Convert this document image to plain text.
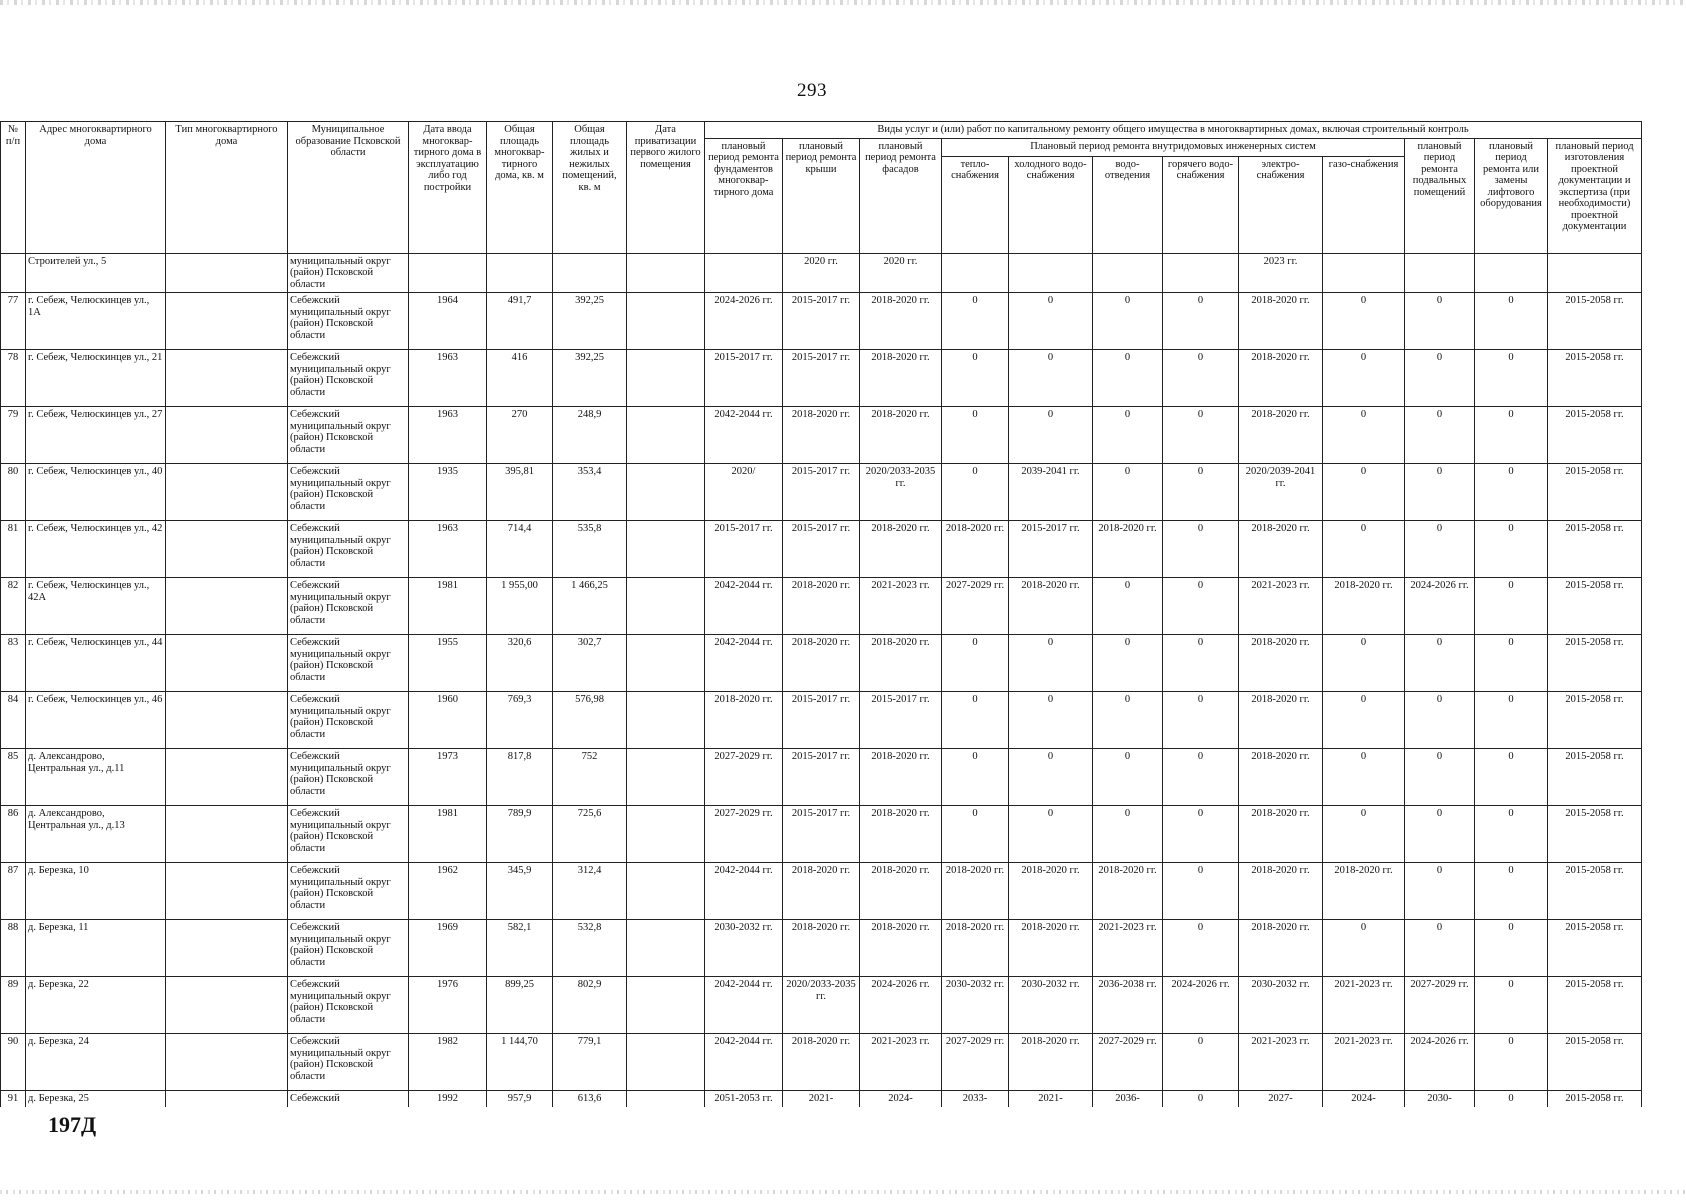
293
№ п/п	Адрес многоквартирного дома	Тип многоквартирного дома	Муниципальное образование Псковской области	Дата ввода многоквар-тирного дома в эксплуатацию либо год постройки	Общая площадь многоквар-тирного дома, кв. м	Общая площадь жилых и нежилых помещений, кв. м	Дата приватизации первого жилого помещения	Виды услуг и (или) работ по капитальному ремонту общего имущества в многоквартирных домах, включая строительный контроль											
								плановый период ремонта фундаментов многоквар-тирного дома	плановый период ремонта крыши	плановый период ремонта фасадов	Плановый период ремонта внутридомовых инженерных систем						плановый период ремонта подвальных помещений	плановый период ремонта или замены лифтового оборудования	плановый период изготовления проектной документации и экспертиза (при необходимости) проектной документации
											тепло-снабжения	холодного водо-снабжения	водо-отведения	горячего водо-снабжения	электро-снабжения	газо-снабжения			
	Строителей ул., 5		муниципальный округ (район) Псковской области						2020 гг.	2020 гг.					2023 гг.				
77	г. Себеж, Челюскинцев ул., 1А		Себежский муниципальный округ (район) Псковской области	1964	491,7	392,25		2024-2026 гг.	2015-2017 гг.	2018-2020 гг.	0	0	0	0	2018-2020 гг.	0	0	0	2015-2058 гг.
78	г. Себеж, Челюскинцев ул., 21		Себежский муниципальный округ (район) Псковской области	1963	416	392,25		2015-2017 гг.	2015-2017 гг.	2018-2020 гг.	0	0	0	0	2018-2020 гг.	0	0	0	2015-2058 гг.
79	г. Себеж, Челюскинцев ул., 27		Себежский муниципальный округ (район) Псковской области	1963	270	248,9		2042-2044 гг.	2018-2020 гг.	2018-2020 гг.	0	0	0	0	2018-2020 гг.	0	0	0	2015-2058 гг.
80	г. Себеж, Челюскинцев ул., 40		Себежский муниципальный округ (район) Псковской области	1935	395,81	353,4		2020/	2015-2017 гг.	2020/2033-2035 гг.	0	2039-2041 гг.	0	0	2020/2039-2041 гг.	0	0	0	2015-2058 гг.
81	г. Себеж, Челюскинцев ул., 42		Себежский муниципальный округ (район) Псковской области	1963	714,4	535,8		2015-2017 гг.	2015-2017 гг.	2018-2020 гг.	2018-2020 гг.	2015-2017 гг.	2018-2020 гг.	0	2018-2020 гг.	0	0	0	2015-2058 гг.
82	г. Себеж, Челюскинцев ул., 42А		Себежский муниципальный округ (район) Псковской области	1981	1 955,00	1 466,25		2042-2044 гг.	2018-2020 гг.	2021-2023 гг.	2027-2029 гг.	2018-2020 гг.	0	0	2021-2023 гг.	2018-2020 гг.	2024-2026 гг.	0	2015-2058 гг.
83	г. Себеж, Челюскинцев ул., 44		Себежский муниципальный округ (район) Псковской области	1955	320,6	302,7		2042-2044 гг.	2018-2020 гг.	2018-2020 гг.	0	0	0	0	2018-2020 гг.	0	0	0	2015-2058 гг.
84	г. Себеж, Челюскинцев ул., 46		Себежский муниципальный округ (район) Псковской области	1960	769,3	576,98		2018-2020 гг.	2015-2017 гг.	2015-2017 гг.	0	0	0	0	2018-2020 гг.	0	0	0	2015-2058 гг.
85	д. Александрово, Центральная ул., д.11		Себежский муниципальный округ (район) Псковской области	1973	817,8	752		2027-2029 гг.	2015-2017 гг.	2018-2020 гг.	0	0	0	0	2018-2020 гг.	0	0	0	2015-2058 гг.
86	д. Александрово, Центральная ул., д.13		Себежский муниципальный округ (район) Псковской области	1981	789,9	725,6		2027-2029 гг.	2015-2017 гг.	2018-2020 гг.	0	0	0	0	2018-2020 гг.	0	0	0	2015-2058 гг.
87	д. Березка, 10		Себежский муниципальный округ (район) Псковской области	1962	345,9	312,4		2042-2044 гг.	2018-2020 гг.	2018-2020 гг.	2018-2020 гг.	2018-2020 гг.	2018-2020 гг.	0	2018-2020 гг.	2018-2020 гг.	0	0	2015-2058 гг.
88	д. Березка, 11		Себежский муниципальный округ (район) Псковской области	1969	582,1	532,8		2030-2032 гг.	2018-2020 гг.	2018-2020 гг.	2018-2020 гг.	2018-2020 гг.	2021-2023 гг.	0	2018-2020 гг.	0	0	0	2015-2058 гг.
89	д. Березка, 22		Себежский муниципальный округ (район) Псковской области	1976	899,25	802,9		2042-2044 гг.	2020/2033-2035 гг.	2024-2026 гг.	2030-2032 гг.	2030-2032 гг.	2036-2038 гг.	2024-2026 гг.	2030-2032 гг.	2021-2023 гг.	2027-2029 гг.	0	2015-2058 гг.
90	д. Березка, 24		Себежский муниципальный округ (район) Псковской области	1982	1 144,70	779,1		2042-2044 гг.	2018-2020 гг.	2021-2023 гг.	2027-2029 гг.	2018-2020 гг.	2027-2029 гг.	0	2021-2023 гг.	2021-2023 гг.	2024-2026 гг.	0	2015-2058 гг.
91	д. Березка, 25		Себежский	1992	957,9	613,6		2051-2053 гг.	2021-	2024-	2033-	2021-	2036-	0	2027-	2024-	2030-	0	2015-2058 гг.
197Д
